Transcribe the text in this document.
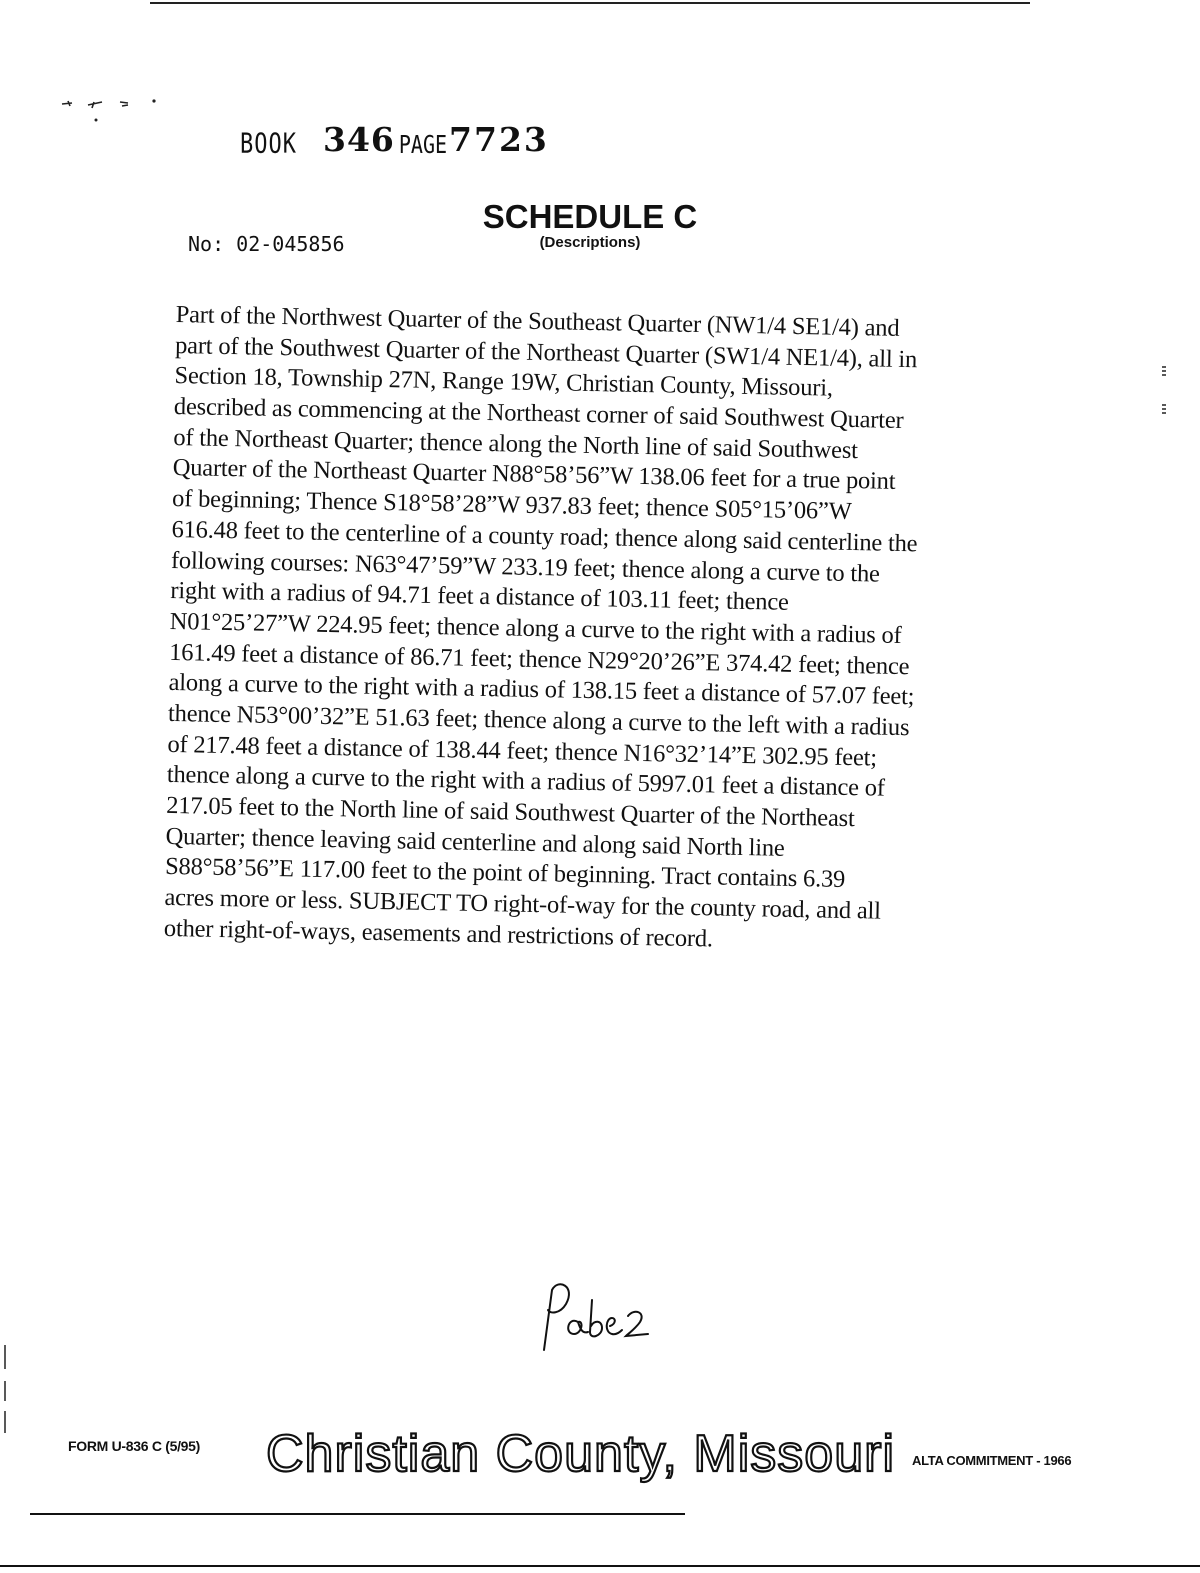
BOOK 346 PAGE 7723
SCHEDULE C
(Descriptions)
No: 02-045856
Part of the Northwest Quarter of the Southeast Quarter (NW1/4 SE1/4) and
part of the Southwest Quarter of the Northeast Quarter (SW1/4 NE1/4), all in
Section 18, Township 27N, Range 19W, Christian County, Missouri,
described as commencing at the Northeast corner of said Southwest Quarter
of the Northeast Quarter; thence along the North line of said Southwest
Quarter of the Northeast Quarter N88°58’56”W 138.06 feet for a true point
of beginning; Thence S18°58’28”W 937.83 feet; thence S05°15’06”W
616.48 feet to the centerline of a county road; thence along said centerline the
following courses: N63°47’59”W 233.19 feet; thence along a curve to the
right with a radius of 94.71 feet a distance of 103.11 feet; thence
N01°25’27”W 224.95 feet; thence along a curve to the right with a radius of
161.49 feet a distance of 86.71 feet; thence N29°20’26”E 374.42 feet; thence
along a curve to the right with a radius of 138.15 feet a distance of 57.07 feet;
thence N53°00’32”E 51.63 feet; thence along a curve to the left with a radius
of 217.48 feet a distance of 138.44 feet; thence N16°32’14”E 302.95 feet;
thence along a curve to the right with a radius of 5997.01 feet a distance of
217.05 feet to the North line of said Southwest Quarter of the Northeast
Quarter; thence leaving said centerline and along said North line
S88°58’56”E 117.00 feet to the point of beginning. Tract contains 6.39
acres more or less. SUBJECT TO right-of-way for the county road, and all
other right-of-ways, easements and restrictions of record.
FORM U-836 C (5/95) Christian County, Missouri ALTA COMMITMENT - 1966
